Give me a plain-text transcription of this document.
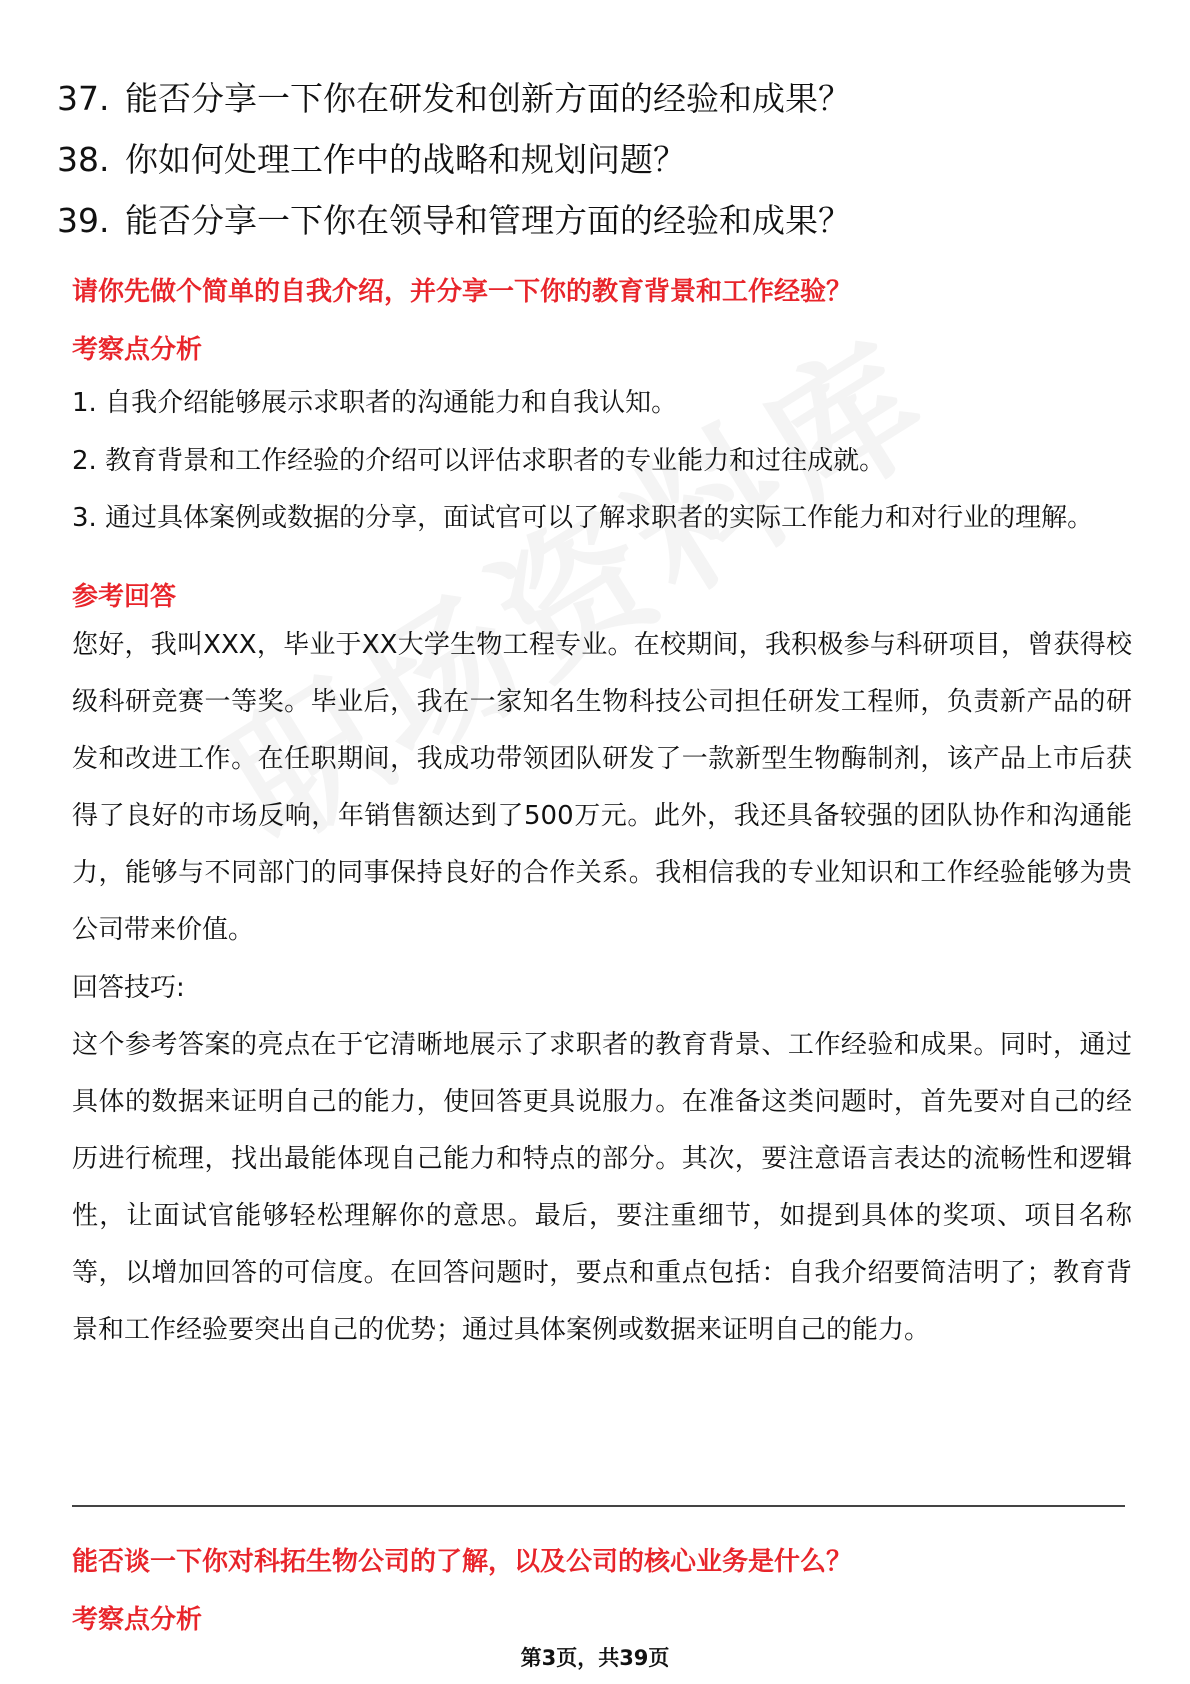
37. 能否分享一下你在研发和创新方面的经验和成果？
38. 你如何处理工作中的战略和规划问题？
39. 能否分享一下你在领导和管理方面的经验和成果？
请你先做个简单的自我介绍，并分享一下你的教育背景和工作经验？
考察点分析
1. 自我介绍能够展示求职者的沟通能力和自我认知。
2. 教育背景和工作经验的介绍可以评估求职者的专业能力和过往成就。
3. 通过具体案例或数据的分享，面试官可以了解求职者的实际工作能力和对行业的理解。
参考回答
您好，我叫XXX，毕业于XX大学生物工程专业。在校期间，我积极参与科研项目，曾获得校级科研竞赛一等奖。毕业后，我在一家知名生物科技公司担任研发工程师，负责新产品的研发和改进工作。在任职期间，我成功带领团队研发了一款新型生物酶制剂，该产品上市后获得了良好的市场反响，年销售额达到了500万元。此外，我还具备较强的团队协作和沟通能力，能够与不同部门的同事保持良好的合作关系。我相信我的专业知识和工作经验能够为贵公司带来价值。
回答技巧:
这个参考答案的亮点在于它清晰地展示了求职者的教育背景、工作经验和成果。同时，通过具体的数据来证明自己的能力，使回答更具说服力。在准备这类问题时，首先要对自己的经历进行梳理，找出最能体现自己能力和特点的部分。其次，要注意语言表达的流畅性和逻辑性，让面试官能够轻松理解你的意思。最后，要注重细节，如提到具体的奖项、项目名称等，以增加回答的可信度。在回答问题时，要点和重点包括：自我介绍要简洁明了；教育背景和工作经验要突出自己的优势；通过具体案例或数据来证明自己的能力。
能否谈一下你对科拓生物公司的了解，以及公司的核心业务是什么？
考察点分析
第3页，共39页
